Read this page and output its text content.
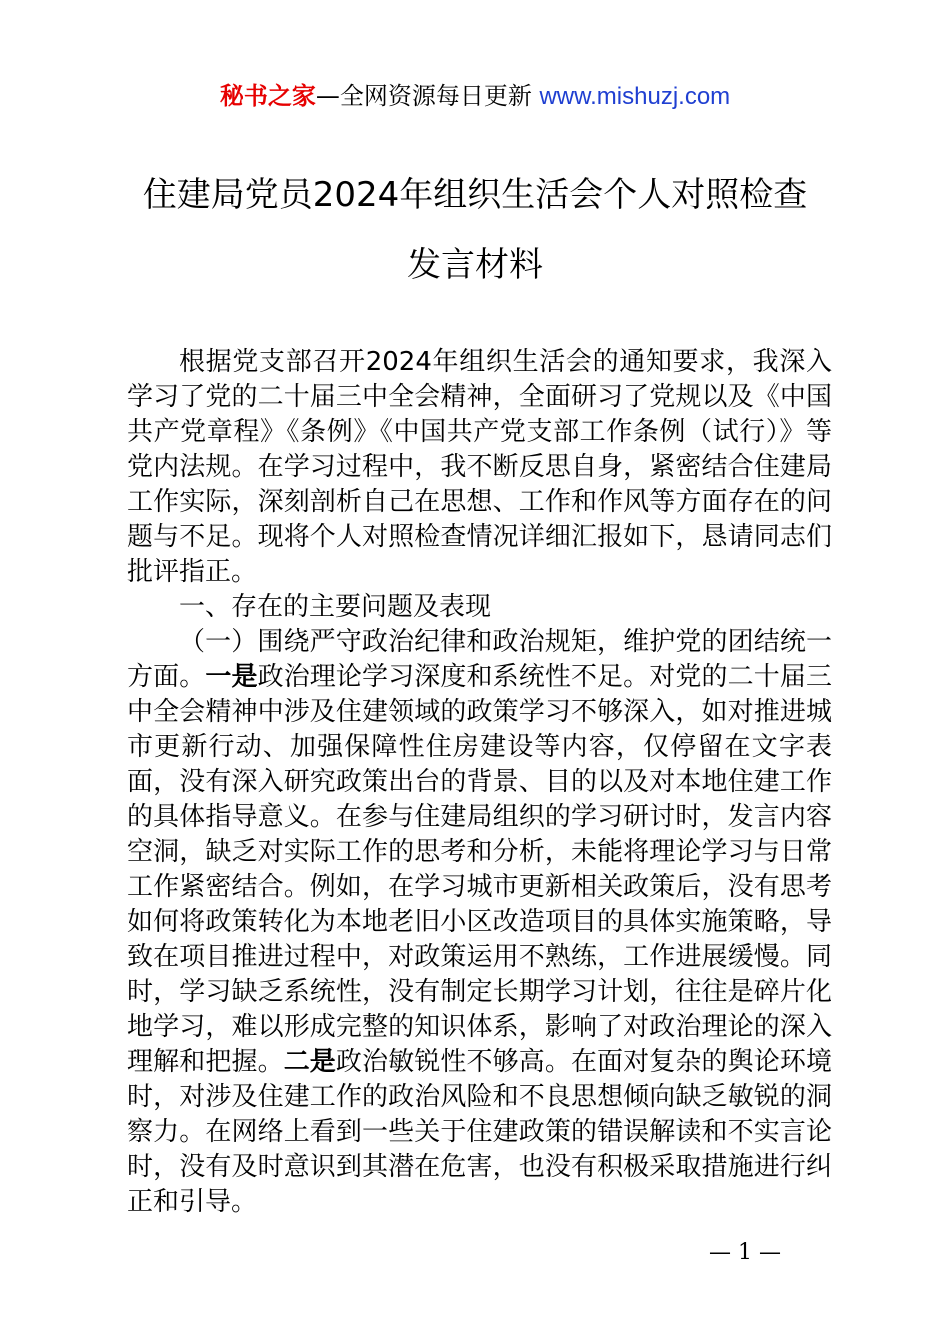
秘书之家—全网资源每日更新 www.mishuzj.com
住建局党员2024年组织生活会个人对照检查
发言材料

根据党支部召开2024年组织生活会的通知要求，我深入学习了党的二十届三中全会精神，全面研习了党规以及《中国共产党章程》《条例》《中国共产党支部工作条例（试行）》等党内法规。在学习过程中，我不断反思自身，紧密结合住建局工作实际，深刻剖析自己在思想、工作和作风等方面存在的问题与不足。现将个人对照检查情况详细汇报如下，恳请同志们批评指正。

一、存在的主要问题及表现

（一）围绕严守政治纪律和政治规矩，维护党的团结统一方面。一是政治理论学习深度和系统性不足。对党的二十届三中全会精神中涉及住建领域的政策学习不够深入，如对推进城市更新行动、加强保障性住房建设等内容，仅停留在文字表面，没有深入研究政策出台的背景、目的以及对本地住建工作的具体指导意义。在参与住建局组织的学习研讨时，发言内容空洞，缺乏对实际工作的思考和分析，未能将理论学习与日常工作紧密结合。例如，在学习城市更新相关政策后，没有思考如何将政策转化为本地老旧小区改造项目的具体实施策略，导致在项目推进过程中，对政策运用不熟练，工作进展缓慢。同时，学习缺乏系统性，没有制定长期学习计划，往往是碎片化地学习，难以形成完整的知识体系，影响了对政治理论的深入理解和把握。二是政治敏锐性不够高。在面对复杂的舆论环境时，对涉及住建工作的政治风险和不良思想倾向缺乏敏锐的洞察力。在网络上看到一些关于住建政策的错误解读和不实言论时，没有及时意识到其潜在危害，也没有积极采取措施进行纠正和引导。

— 1 —
